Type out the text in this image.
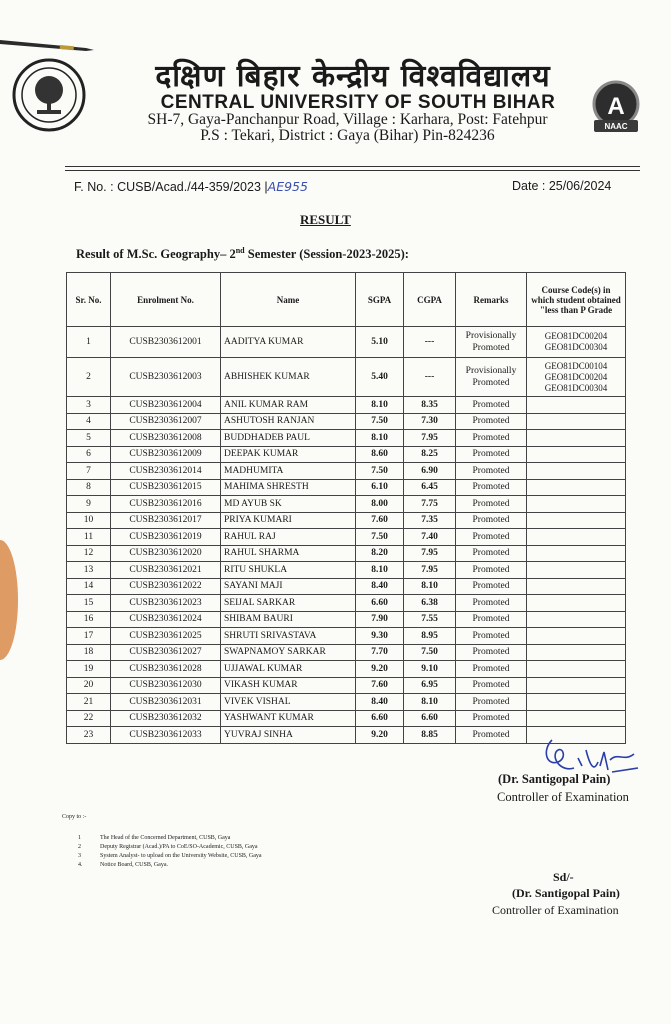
दक्षिण बिहार केन्द्रीय विश्वविद्यालय
CENTRAL UNIVERSITY OF SOUTH BIHAR
SH-7, Gaya-Panchanpur Road, Village : Karhara, Post: Fatehpur
P.S : Tekari, District : Gaya (Bihar) Pin-824236
A
NAAC
F. No. : CUSB/Acad./44-359/2023 |AE955	Date : 25/06/2024
RESULT
Result of M.Sc. Geography– 2nd Semester (Session-2023-2025):
Sr. No.	Enrolment No.	Name	SGPA	CGPA	Remarks	Course Code(s) in which student obtained "less than P Grade
1	CUSB2303612001	AADITYA KUMAR	5.10	---	Provisionally Promoted	GEO81DC00204
GEO81DC00304
2	CUSB2303612003	ABHISHEK KUMAR	5.40	---	Provisionally Promoted	GEO81DC00104
GEO81DC00204
GEO81DC00304
3	CUSB2303612004	ANIL KUMAR RAM	8.10	8.35	Promoted	
4	CUSB2303612007	ASHUTOSH RANJAN	7.50	7.30	Promoted	
5	CUSB2303612008	BUDDHADEB PAUL	8.10	7.95	Promoted	
6	CUSB2303612009	DEEPAK KUMAR	8.60	8.25	Promoted	
7	CUSB2303612014	MADHUMITA	7.50	6.90	Promoted	
8	CUSB2303612015	MAHIMA SHRESTH	6.10	6.45	Promoted	
9	CUSB2303612016	MD AYUB SK	8.00	7.75	Promoted	
10	CUSB2303612017	PRIYA KUMARI	7.60	7.35	Promoted	
11	CUSB2303612019	RAHUL RAJ	7.50	7.40	Promoted	
12	CUSB2303612020	RAHUL SHARMA	8.20	7.95	Promoted	
13	CUSB2303612021	RITU SHUKLA	8.10	7.95	Promoted	
14	CUSB2303612022	SAYANI MAJI	8.40	8.10	Promoted	
15	CUSB2303612023	SEIJAL SARKAR	6.60	6.38	Promoted	
16	CUSB2303612024	SHIBAM BAURI	7.90	7.55	Promoted	
17	CUSB2303612025	SHRUTI SRIVASTAVA	9.30	8.95	Promoted	
18	CUSB2303612027	SWAPNAMOY SARKAR	7.70	7.50	Promoted	
19	CUSB2303612028	UJJAWAL KUMAR	9.20	9.10	Promoted	
20	CUSB2303612030	VIKASH KUMAR	7.60	6.95	Promoted	
21	CUSB2303612031	VIVEK VISHAL	8.40	8.10	Promoted	
22	CUSB2303612032	YASHWANT KUMAR	6.60	6.60	Promoted	
23	CUSB2303612033	YUVRAJ SINHA	9.20	8.85	Promoted	
(Dr. Santigopal Pain)
Controller of Examination
Copy to :-
1	The Head of the Concerned Department, CUSB, Gaya
2	Deputy Registrar (Acad.)/PA to CoE/SO-Academic, CUSB, Gaya
3	System Analyst- to upload on the University Website, CUSB, Gaya
4.	Notice Board, CUSB, Gaya.
Sd/-
(Dr. Santigopal Pain)
Controller of Examination
